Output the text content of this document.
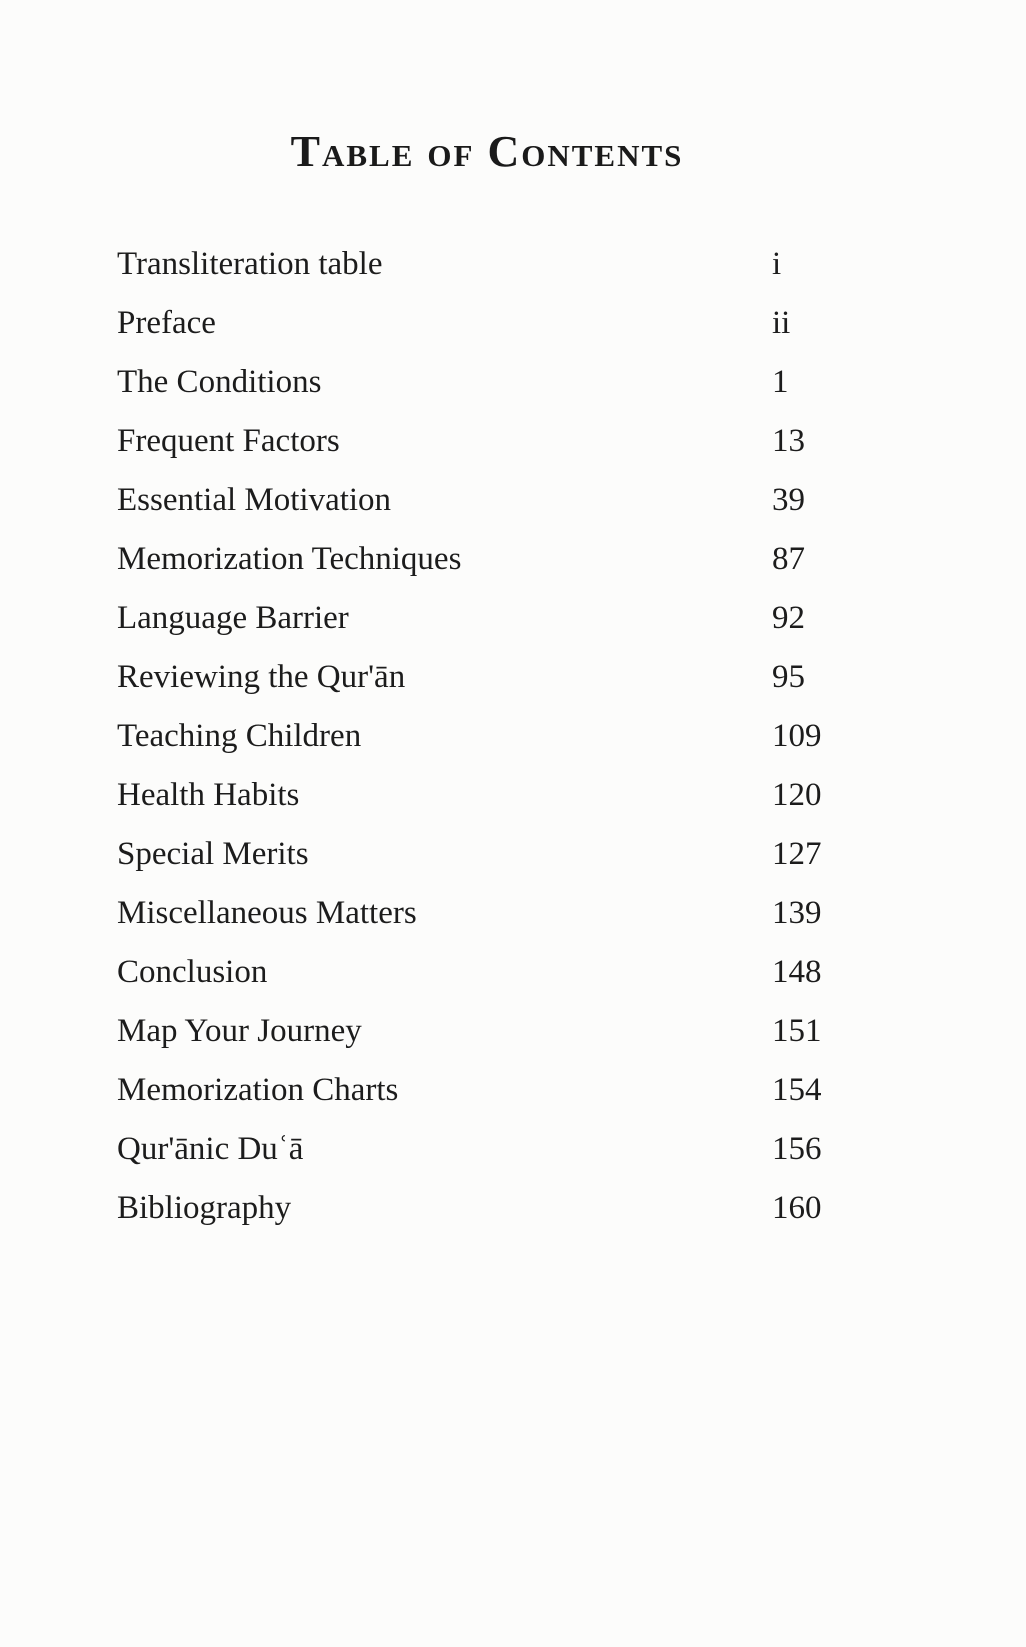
Table of Contents
Transliteration table	i
Preface	ii
The Conditions	1
Frequent Factors	13
Essential Motivation	39
Memorization Techniques	87
Language Barrier	92
Reviewing the Qur'ān	95
Teaching Children	109
Health Habits	120
Special Merits	127
Miscellaneous Matters	139
Conclusion	148
Map Your Journey	151
Memorization Charts	154
Qur'ānic Duʿā	156
Bibliography	160
